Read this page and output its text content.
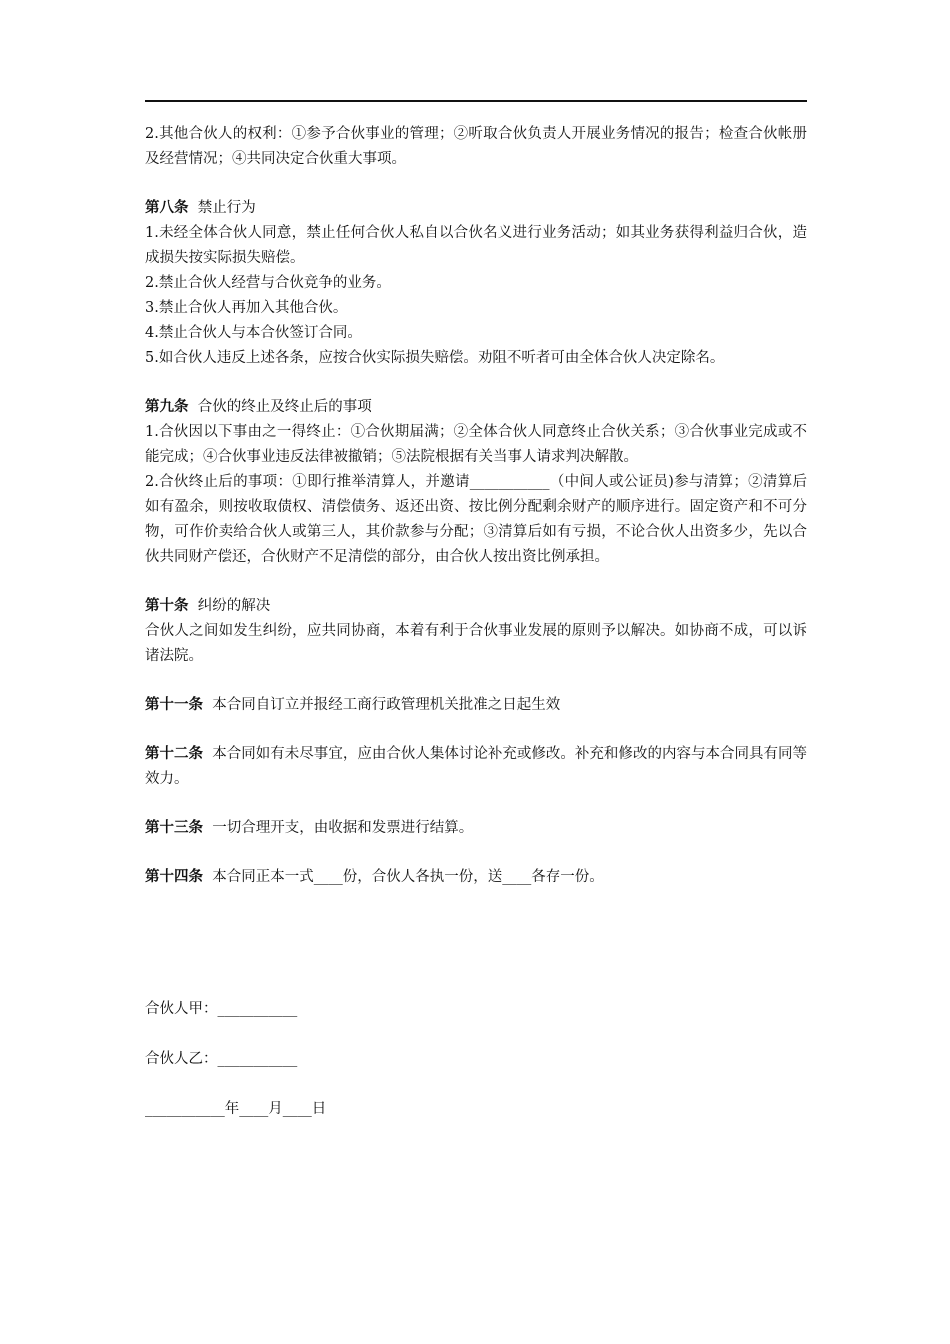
2.其他合伙人的权利：①参予合伙事业的管理；②听取合伙负责人开展业务情况的报告；检查合伙帐册及经营情况；④共同决定合伙重大事项。

第八条 禁止行为

1.未经全体合伙人同意，禁止任何合伙人私自以合伙名义进行业务活动；如其业务获得利益归合伙，造成损失按实际损失赔偿。

2.禁止合伙人经营与合伙竞争的业务。

3.禁止合伙人再加入其他合伙。

4.禁止合伙人与本合伙签订合同。

5.如合伙人违反上述各条，应按合伙实际损失赔偿。劝阻不听者可由全体合伙人决定除名。

第九条 合伙的终止及终止后的事项

1.合伙因以下事由之一得终止：①合伙期届满；②全体合伙人同意终止合伙关系；③合伙事业完成或不能完成；④合伙事业违反法律被撤销；⑤法院根据有关当事人请求判决解散。

2.合伙终止后的事项：①即行推举清算人，并邀请___________（中间人或公证员)参与清算；②清算后如有盈余，则按收取债权、清偿债务、返还出资、按比例分配剩余财产的顺序进行。固定资产和不可分物，可作价卖给合伙人或第三人，其价款参与分配；③清算后如有亏损，不论合伙人出资多少，先以合伙共同财产偿还，合伙财产不足清偿的部分，由合伙人按出资比例承担。

第十条 纠纷的解决

合伙人之间如发生纠纷，应共同协商，本着有利于合伙事业发展的原则予以解决。如协商不成，可以诉诸法院。

第十一条 本合同自订立并报经工商行政管理机关批准之日起生效

第十二条 本合同如有未尽事宜，应由合伙人集体讨论补充或修改。补充和修改的内容与本合同具有同等效力。

第十三条 一切合理开支，由收据和发票进行结算。

第十四条 本合同正本一式____份，合伙人各执一份，送____各存一份。

合伙人甲：___________
合伙人乙：___________
___________年____月____日
